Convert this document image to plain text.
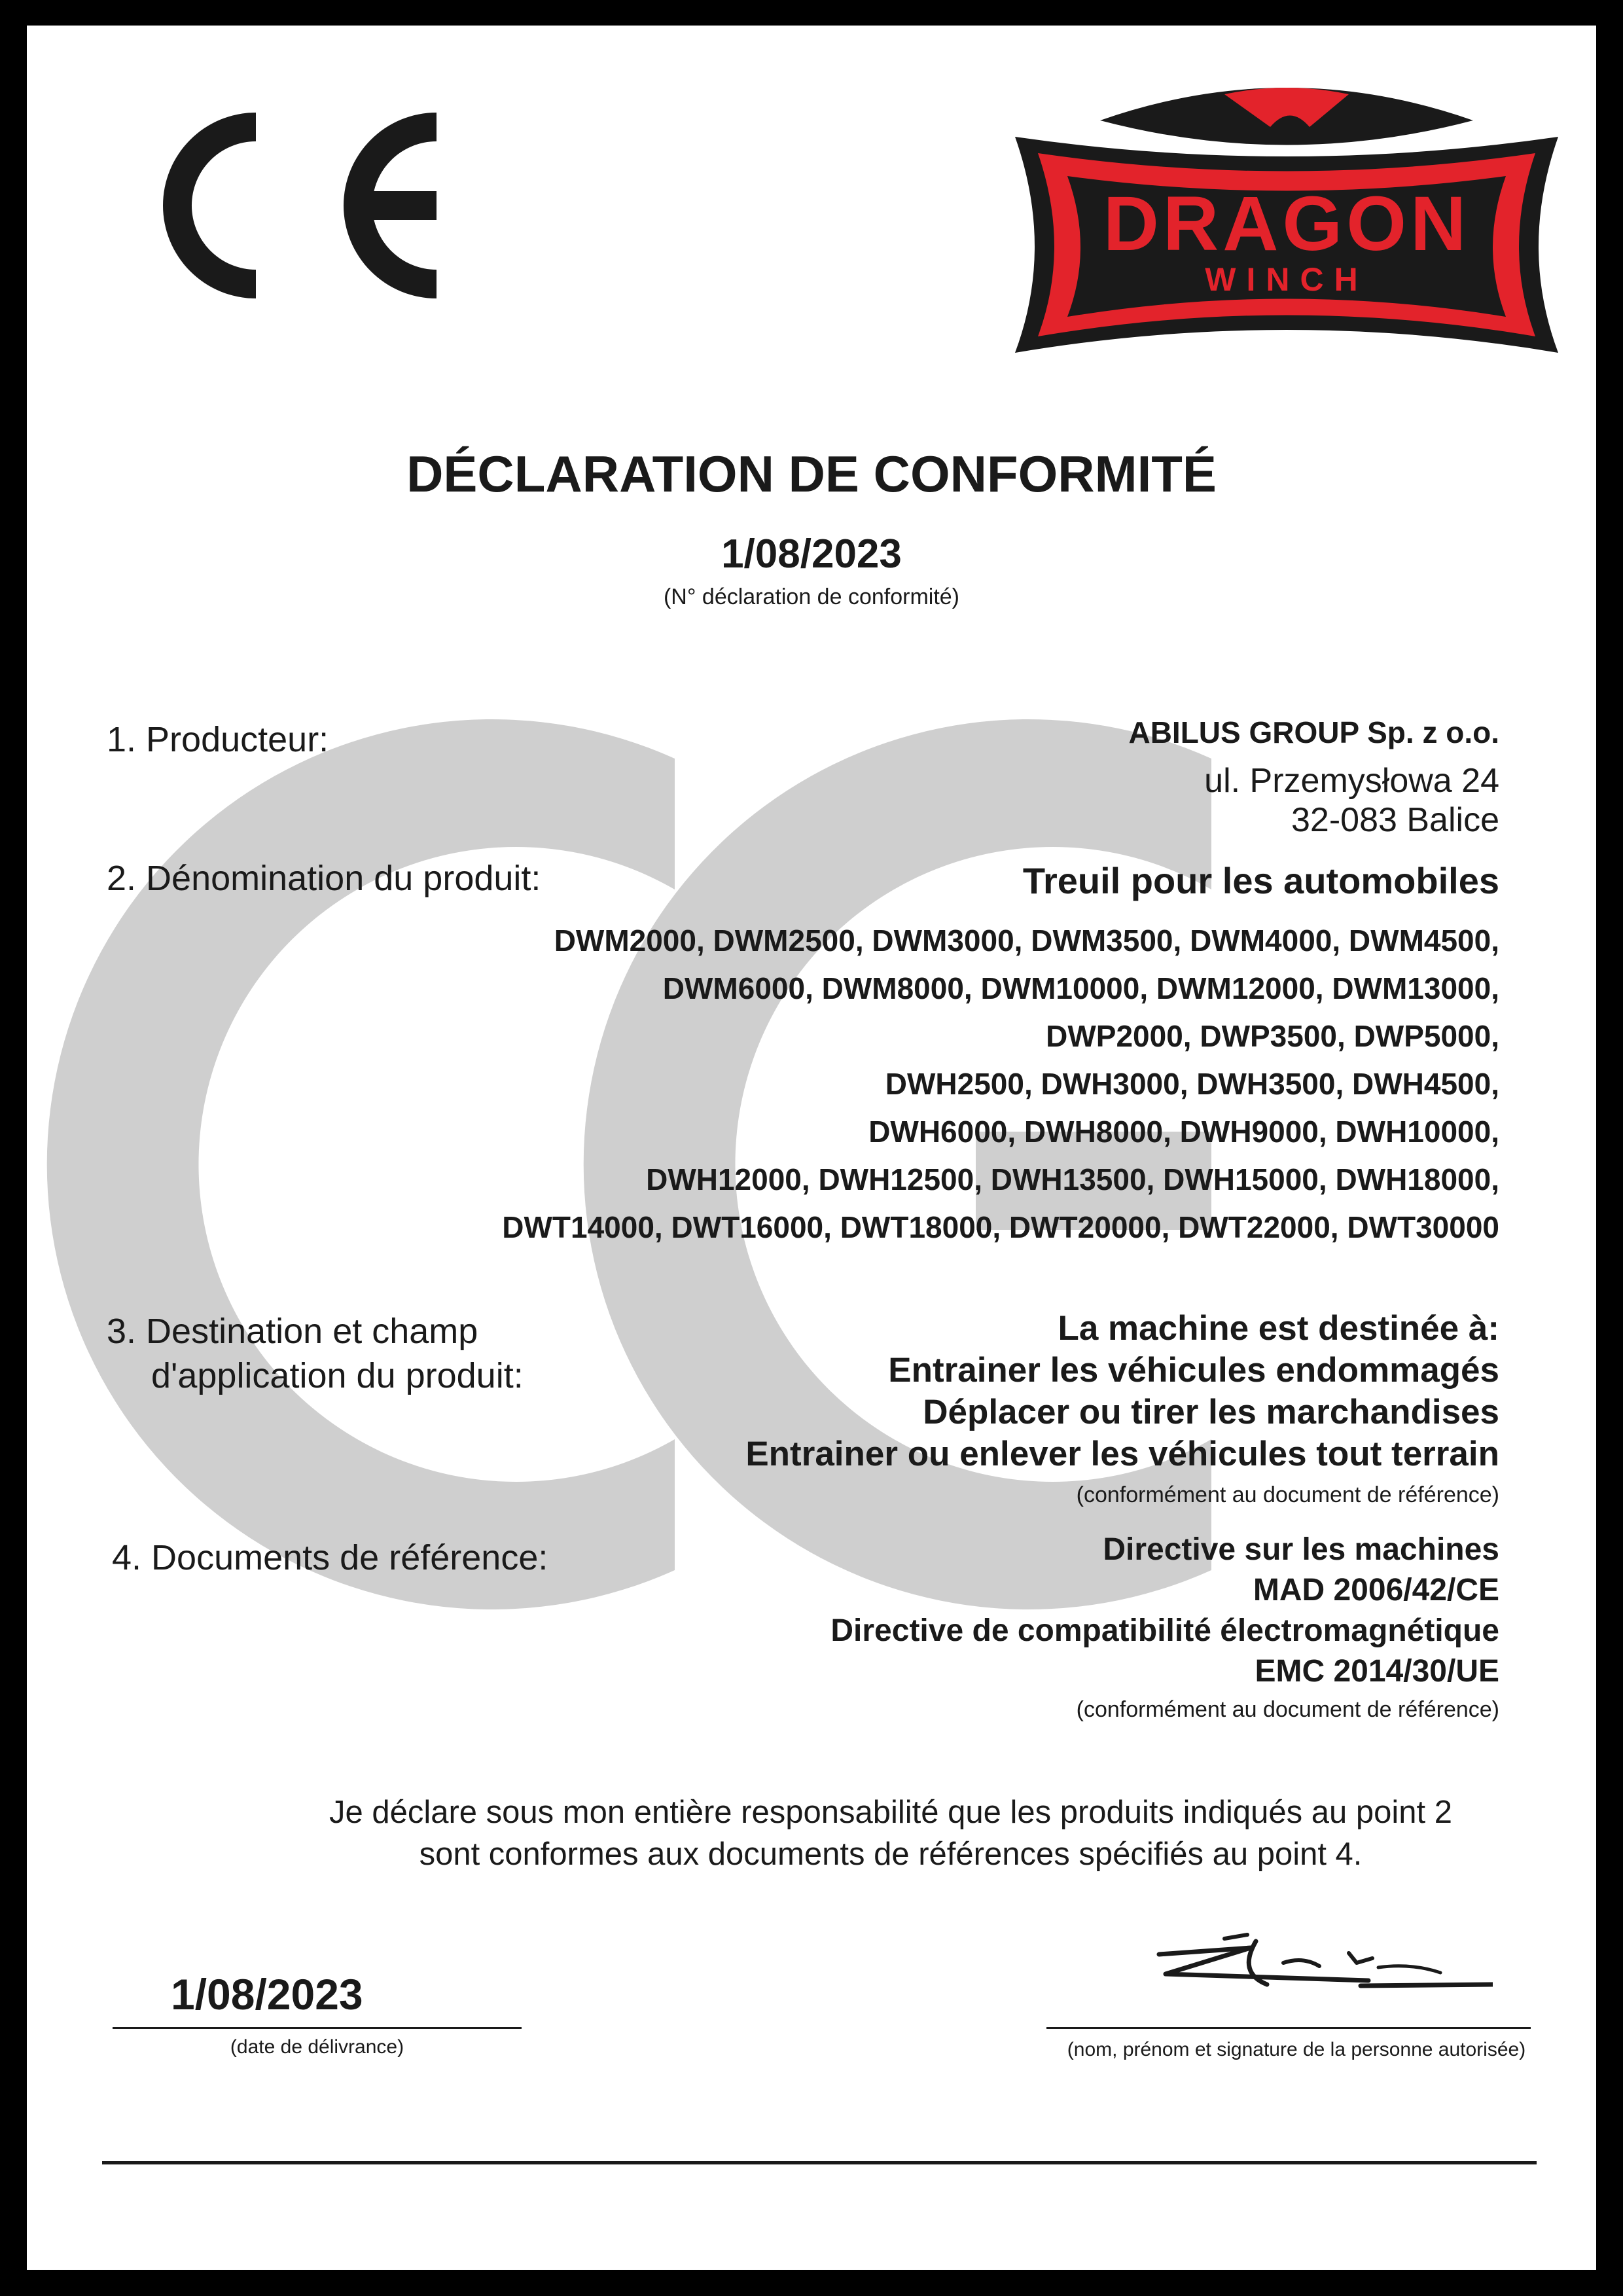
DRAGON
WINCH
DÉCLARATION DE CONFORMITÉ
1/08/2023
(N° déclaration de conformité)
1. Producteur:	ABILUS GROUP Sp. z o.o.
ul. Przemysłowa 24
32-083 Balice
2. Dénomination du produit:	Treuil pour les automobiles
DWM2000, DWM2500, DWM3000, DWM3500, DWM4000, DWM4500,
DWM6000, DWM8000, DWM10000, DWM12000, DWM13000,
DWP2000, DWP3500, DWP5000,
DWH2500, DWH3000, DWH3500, DWH4500,
DWH6000, DWH8000, DWH9000, DWH10000,
DWH12000, DWH12500, DWH13500, DWH15000, DWH18000,
DWT14000, DWT16000, DWT18000, DWT20000, DWT22000, DWT30000
3. Destination et champ
d'application du produit:
La machine est destinée à:
Entrainer les véhicules endommagés
Déplacer ou tirer les marchandises
Entrainer ou enlever les véhicules tout terrain
(conformément au document de référence)
4. Documents de référence:	Directive sur les machines
MAD 2006/42/CE
Directive de compatibilité électromagnétique
EMC 2014/30/UE
(conformément au document de référence)
Je déclare sous mon entière responsabilité que les produits indiqués au point 2
sont conformes aux documents de références spécifiés au point 4.
1/08/2023
(date de délivrance)	(nom, prénom et signature de la personne autorisée)
